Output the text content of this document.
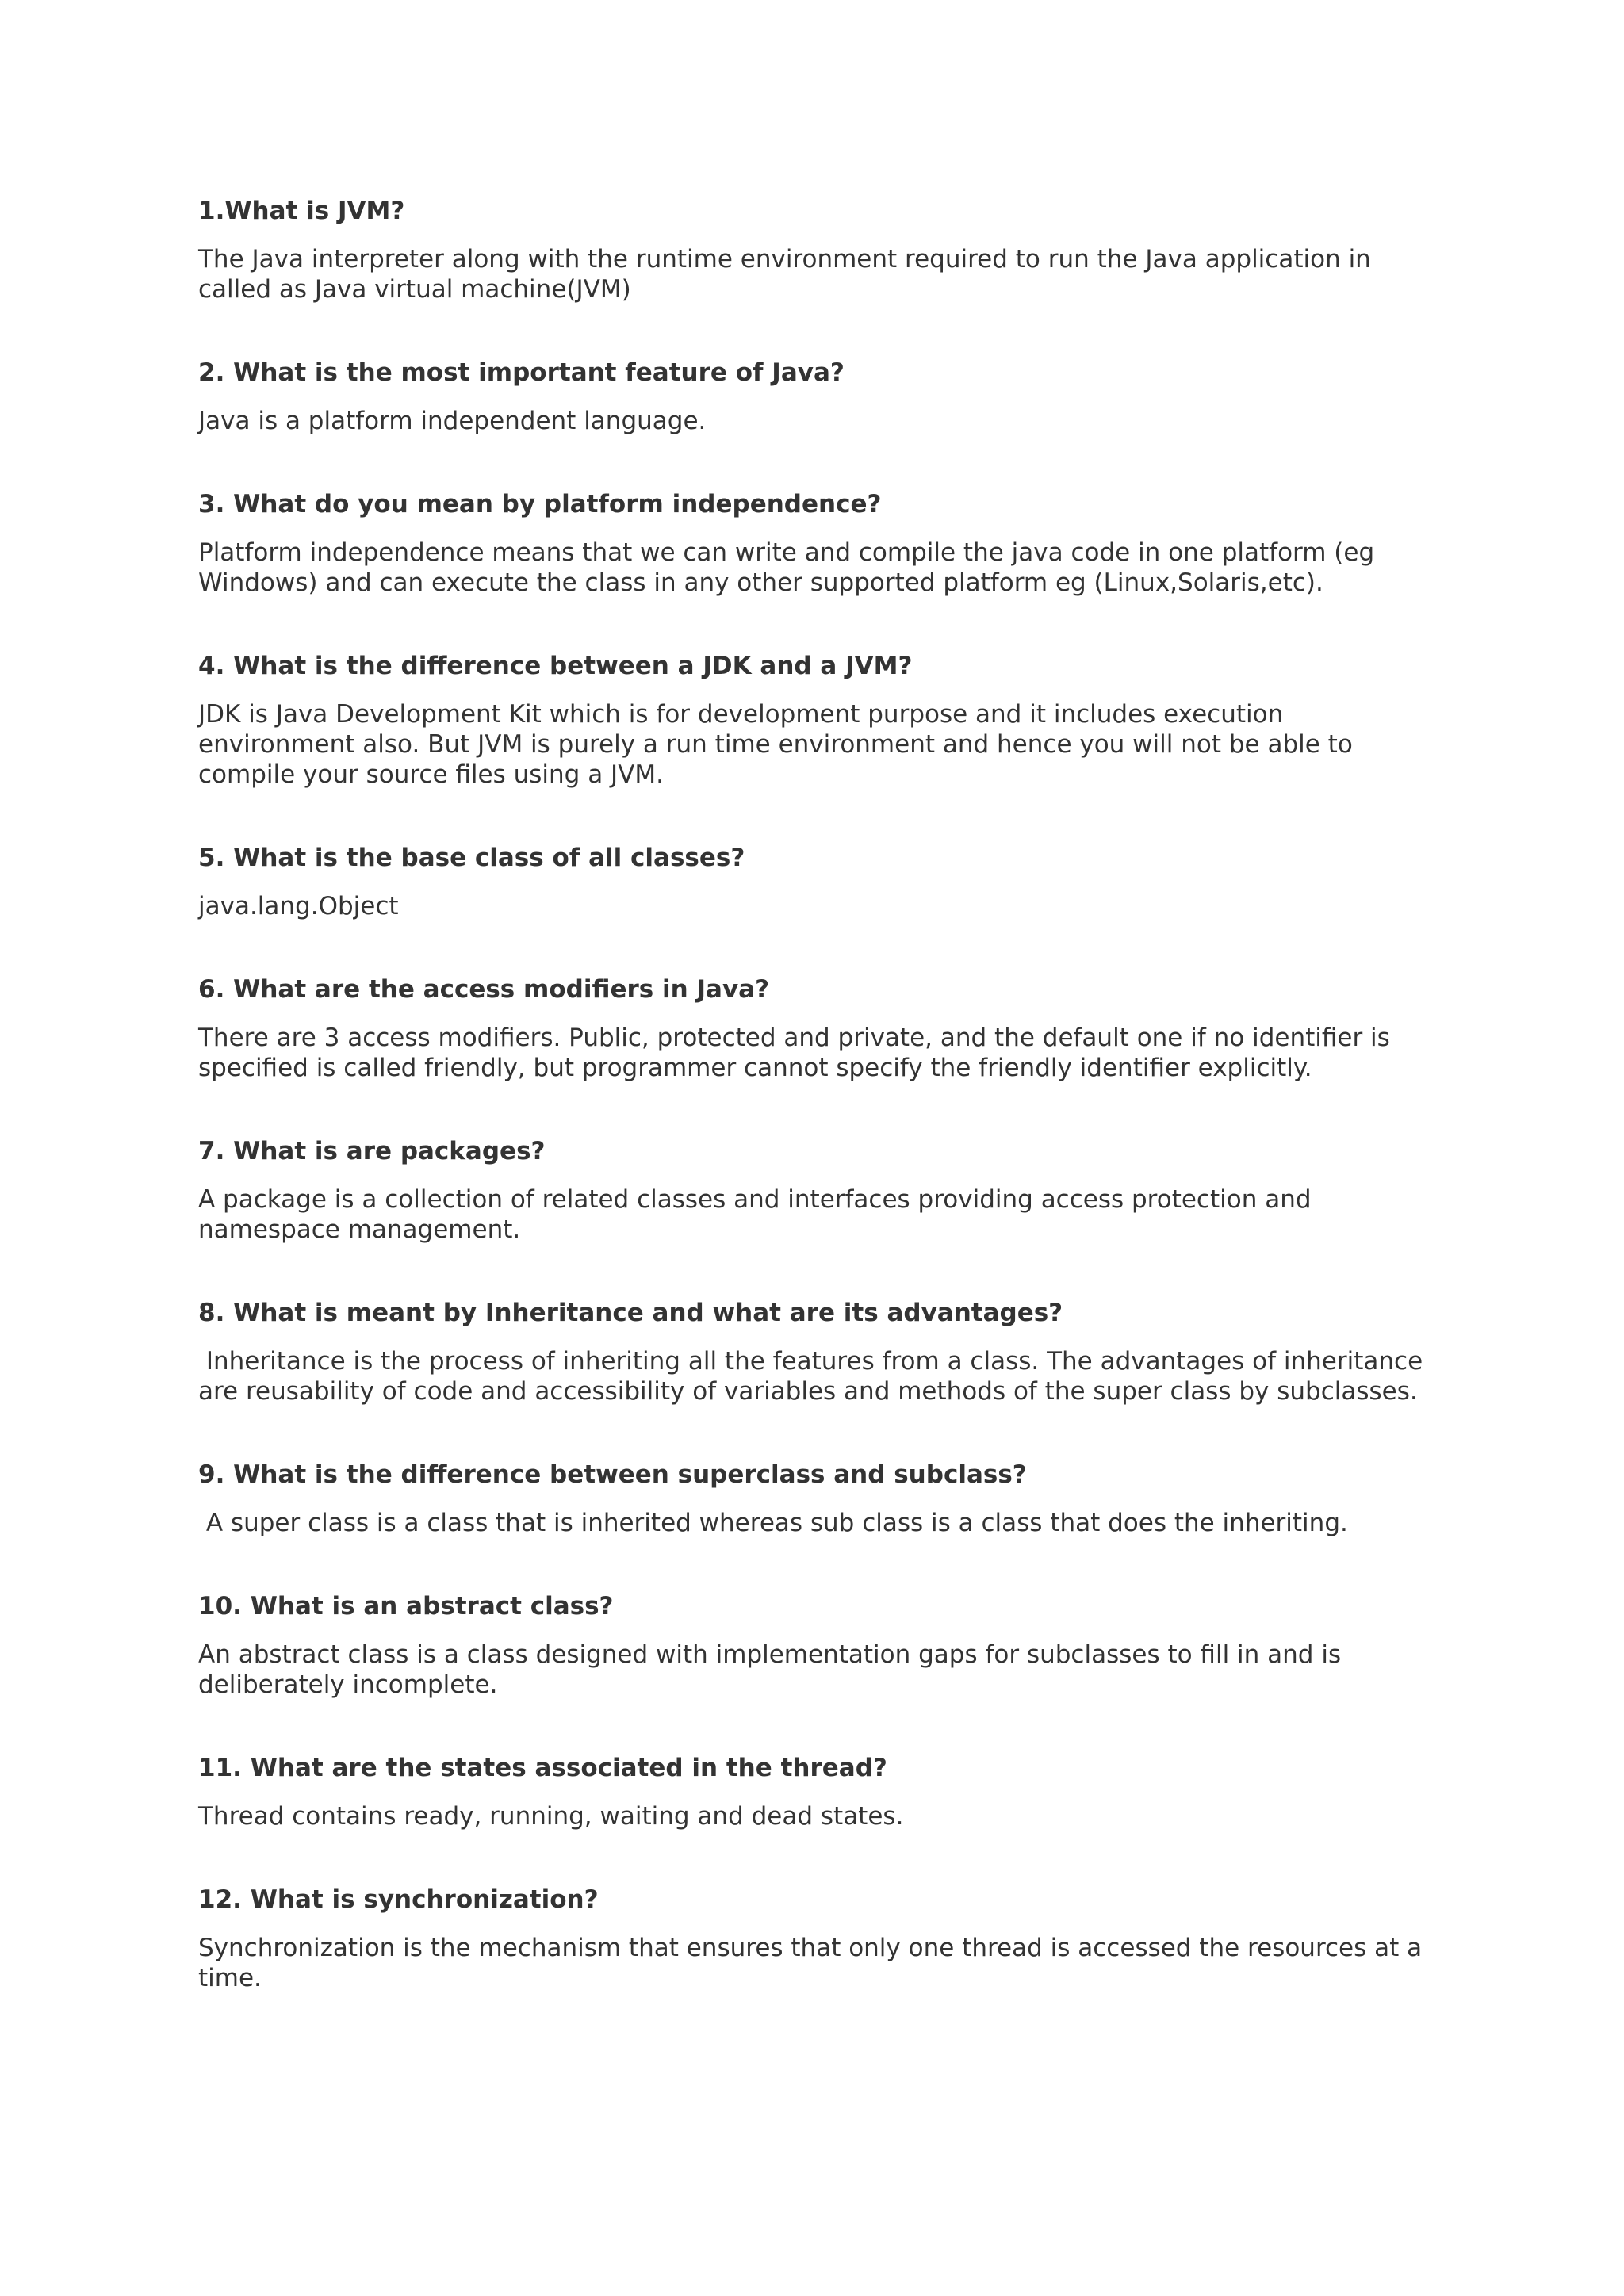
1.What is JVM?

The Java interpreter along with the runtime environment required to run the Java application in
called as Java virtual machine(JVM)

2. What is the most important feature of Java?

Java is a platform independent language.

3. What do you mean by platform independence?

Platform independence means that we can write and compile the java code in one platform (eg
Windows) and can execute the class in any other supported platform eg (Linux,Solaris,etc).

4. What is the difference between a JDK and a JVM?

JDK is Java Development Kit which is for development purpose and it includes execution
environment also. But JVM is purely a run time environment and hence you will not be able to
compile your source files using a JVM.

5. What is the base class of all classes?

java.lang.Object

6. What are the access modifiers in Java?

There are 3 access modifiers. Public, protected and private, and the default one if no identifier is
specified is called friendly, but programmer cannot specify the friendly identifier explicitly.

7. What is are packages?

A package is a collection of related classes and interfaces providing access protection and
namespace management.

8. What is meant by Inheritance and what are its advantages?

Inheritance is the process of inheriting all the features from a class. The advantages of inheritance
are reusability of code and accessibility of variables and methods of the super class by subclasses.

9. What is the difference between superclass and subclass?

A super class is a class that is inherited whereas sub class is a class that does the inheriting.

10. What is an abstract class?

An abstract class is a class designed with implementation gaps for subclasses to fill in and is
deliberately incomplete.

11. What are the states associated in the thread?

Thread contains ready, running, waiting and dead states.

12. What is synchronization?

Synchronization is the mechanism that ensures that only one thread is accessed the resources at a
time.
